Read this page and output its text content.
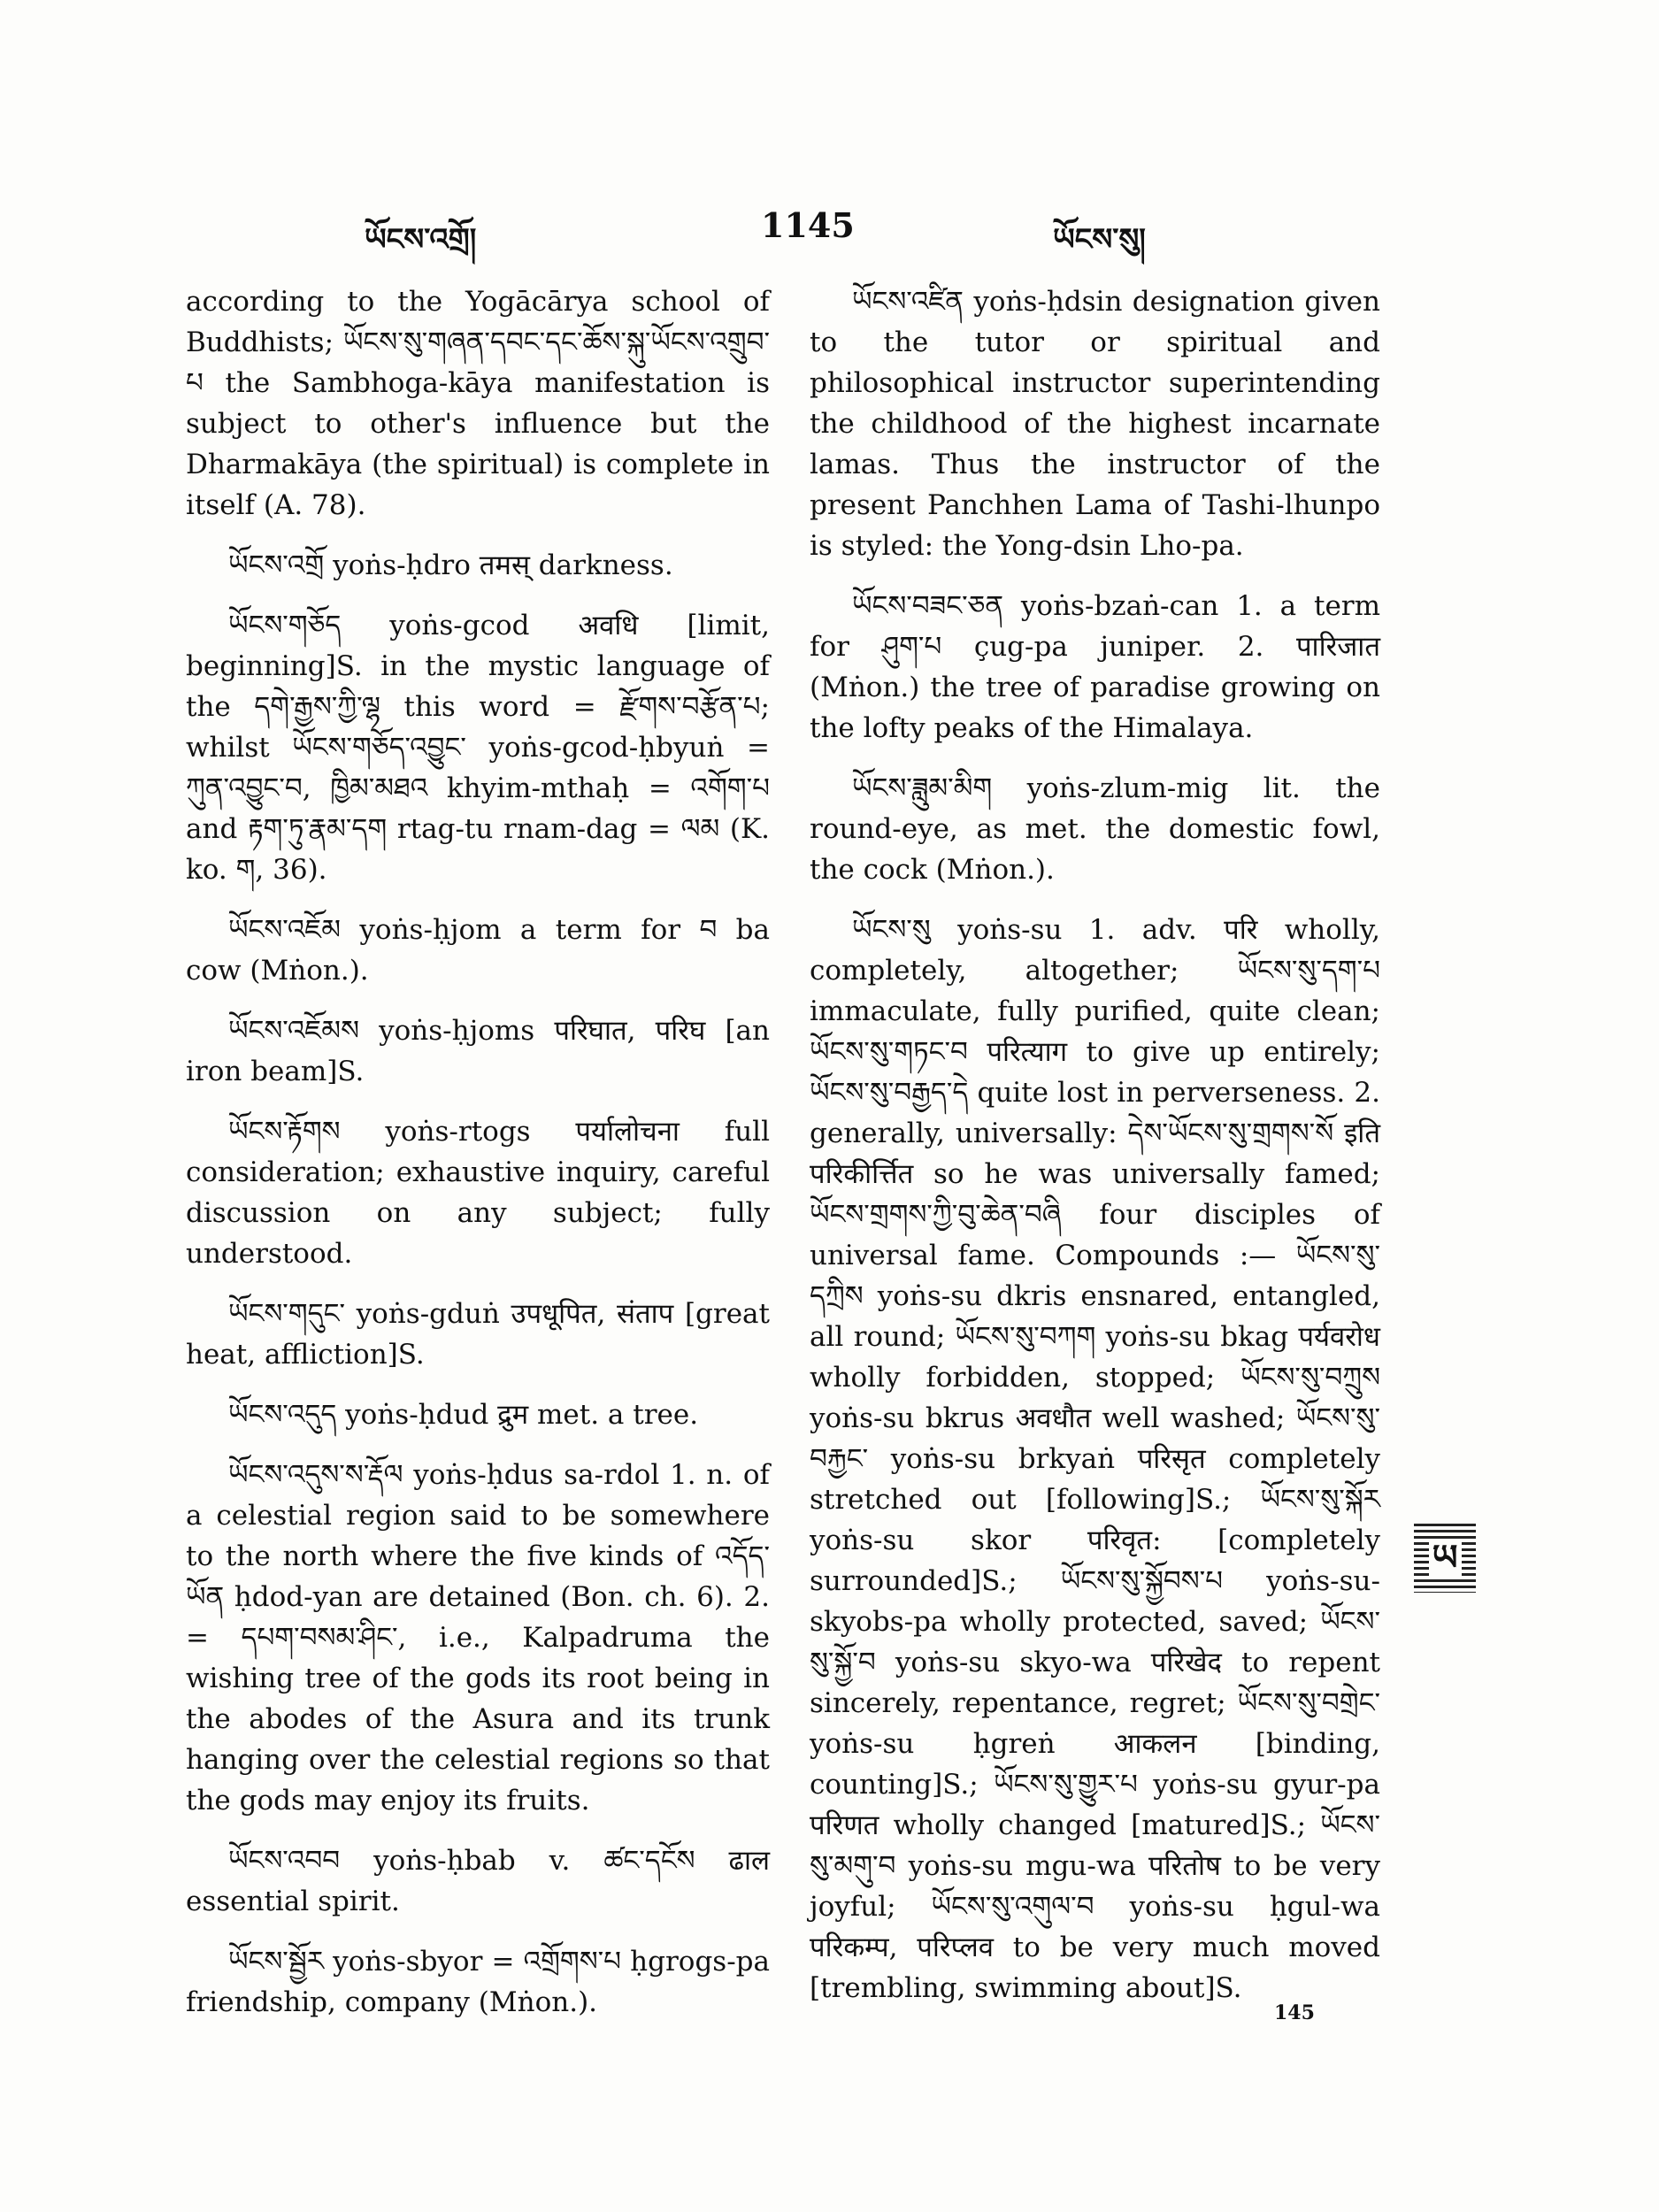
ཡོངས་འགྲོ།	1145	ཡོངས་སུ།

according to the Yogācārya school of Buddhists; ཡོངས་སུ་གཞན་དབང་དང་ཆོས་སྐུ་ཡོངས་འགྲུབ་པ the Sambhoga-kāya manifestation is subject to other's influence but the Dharmakāya (the spiritual) is complete in itself (A. 78).

ཡོངས་འགྲོ yoṅs-ḥdro तमस् darkness.

ཡོངས་གཅོད yoṅs-gcod अवधि [limit, beginning]S. in the mystic language of the དགེ་རྒྱས་ཀྱི་ལྷ this word = རྫོགས་བརྩོན་པ; whilst ཡོངས་གཅོད་འབྱུང་ yoṅs-gcod-ḥbyuṅ = ཀུན་འབྱུང་བ, ཁྱིམ་མཐའ khyim-mthaḥ = འགོག་པ and རྟག་ཏུ་རྣམ་དག rtag-tu rnam-dag = ལམ (K. ko. ག, 36).

ཡོངས་འཇོམ yoṅs-ḥjom a term for བ ba cow (Mṅon.).

ཡོངས་འཇོམས yoṅs-ḥjoms परिघात, परिघ [an iron beam]S.

ཡོངས་རྟོགས yoṅs-rtogs पर्यालोचना full consideration; exhaustive inquiry, careful discussion on any subject; fully understood.

ཡོངས་གདུང་ yoṅs-gduṅ उपधूपित, संताप [great heat, affliction]S.

ཡོངས་འདུད yoṅs-ḥdud द्रुम met. a tree.

ཡོངས་འདུས་ས་རྡོལ yoṅs-ḥdus sa-rdol 1. n. of a celestial region said to be somewhere to the north where the five kinds of འདོད་ཡོན ḥdod-yan are detained (Bon. ch. 6). 2. = དཔག་བསམ་ཤིང་, i.e., Kalpadruma the wishing tree of the gods its root being in the abodes of the Asura and its trunk hanging over the celestial regions so that the gods may enjoy its fruits.

ཡོངས་འབབ yoṅs-ḥbab v. ཚང་དངོས ढाल essential spirit.

ཡོངས་སྦྱོར yoṅs-sbyor = འགྲོགས་པ ḥgrogs-pa friendship, company (Mṅon.).

ཡོངས་འཛིན yoṅs-ḥdsin designation given to the tutor or spiritual and philosophical instructor superintending the childhood of the highest incarnate lamas. Thus the instructor of the present Panchhen Lama of Tashi-lhunpo is styled: the Yong-dsin Lho-pa.

ཡོངས་བཟང་ཅན yoṅs-bzaṅ-can 1. a term for ཤུག་པ çug-pa juniper. 2. पारिजात (Mṅon.) the tree of paradise growing on the lofty peaks of the Himalaya.

ཡོངས་ཟླུམ་མིག yoṅs-zlum-mig lit. the round-eye, as met. the domestic fowl, the cock (Mṅon.).

ཡོངས་སུ yoṅs-su 1. adv. परि wholly, completely, altogether; ཡོངས་སུ་དག་པ immaculate, fully purified, quite clean; ཡོངས་སུ་གཏང་བ परित्याग to give up entirely; ཡོངས་སུ་བརྒྱད་དེ quite lost in perverseness. 2. generally, universally: དེས་ཡོངས་སུ་གྲགས་སོ इति परिकीर्त्तित so he was universally famed; ཡོངས་གྲགས་ཀྱི་བུ་ཆེན་བཞི four disciples of universal fame. Compounds :— ཡོངས་སུ་དཀྲིས yoṅs-su dkris ensnared, entangled, all round; ཡོངས་སུ་བཀག yoṅs-su bkag पर्यवरोध wholly forbidden, stopped; ཡོངས་སུ་བཀྲུས yoṅs-su bkrus अवधौत well washed; ཡོངས་སུ་བརྐྱང་ yoṅs-su brkyaṅ परिसृत completely stretched out [following]S.; ཡོངས་སུ་སྐོར yoṅs-su skor परिवृत: [completely surrounded]S.; ཡོངས་སུ་སྐྱོབས་པ yoṅs-su-skyobs-pa wholly protected, saved; ཡོངས་སུ་སྐྱོ་བ yoṅs-su skyo-wa परिखेद to repent sincerely, repentance, regret; ཡོངས་སུ་བགྲེང་ yoṅs-su ḥgreṅ आकलन [binding, counting]S.; ཡོངས་སུ་གྱུར་པ yoṅs-su gyur-pa परिणत wholly changed [matured]S.; ཡོངས་སུ་མགུ་བ yoṅs-su mgu-wa परितोष to be very joyful; ཡོངས་སུ་འགུལ་བ yoṅs-su ḥgul-wa परिकम्प, परिप्लव to be very much moved [trembling, swimming about]S.

ཡ
145
